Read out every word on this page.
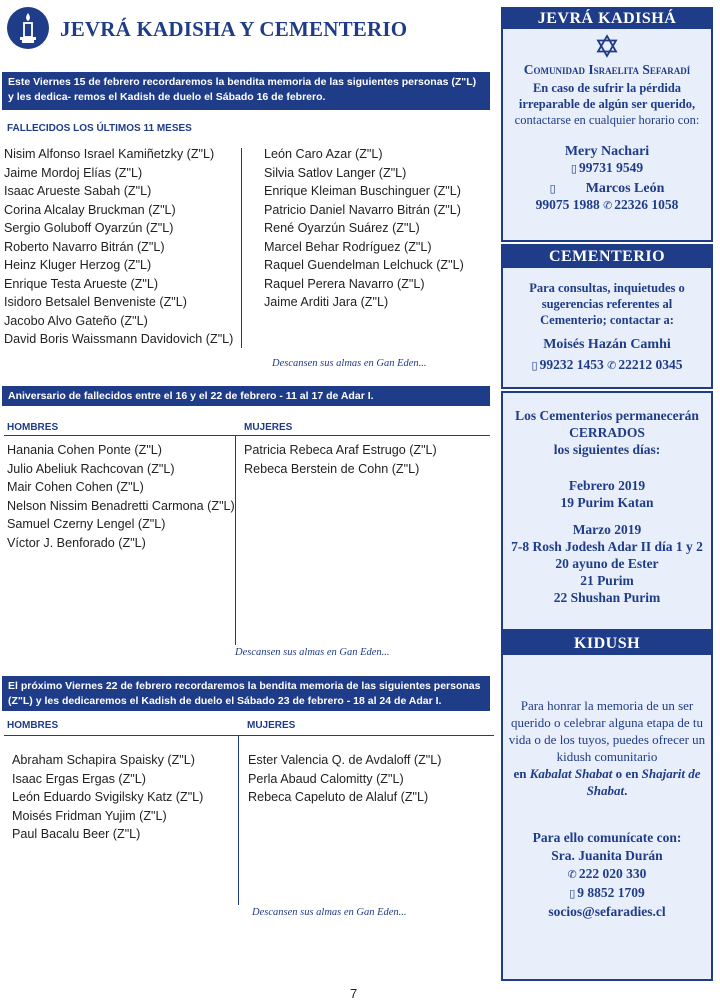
JEVRÁ KADISHA Y CEMENTERIO
Este Viernes 15 de febrero recordaremos la bendita memoria de las siguientes personas (Z"L) y les dedica- remos el Kadish de duelo el Sábado 16 de febrero.
FALLECIDOS LOS ÚLTIMOS 11 MESES
Nisim Alfonso Israel Kamiñetzky (Z"L)
Jaime Mordoj Elías (Z"L)
Isaac Arueste Sabah (Z"L)
Corina Alcalay Bruckman (Z"L)
Sergio Goluboff Oyarzún (Z"L)
Roberto Navarro Bitrán (Z"L)
Heinz Kluger Herzog (Z"L)
Enrique Testa Arueste (Z"L)
Isidoro Betsalel Benveniste (Z"L)
Jacobo Alvo Gateño (Z"L)
David Boris Waissmann Davidovich (Z"L)
León Caro Azar (Z"L)
Silvia Satlov Langer (Z"L)
Enrique Kleiman Buschinguer (Z"L)
Patricio Daniel Navarro Bitrán (Z"L)
René Oyarzún Suárez (Z"L)
Marcel Behar Rodríguez (Z"L)
Raquel Guendelman Lelchuck (Z"L)
Raquel Perera Navarro (Z"L)
Jaime Arditi Jara (Z"L)
Descansen sus almas en Gan Eden...
Aniversario de fallecidos entre el 16 y el 22 de febrero - 11 al 17 de Adar I.
HOMBRES	MUJERES
Hanania Cohen Ponte (Z"L)
Julio Abeliuk Rachcovan (Z"L)
Mair Cohen Cohen (Z"L)
Nelson Nissim Benadretti Carmona (Z"L)
Samuel Czerny Lengel (Z"L)
Víctor J. Benforado (Z"L)
Patricia Rebeca Araf Estrugo (Z"L)
Rebeca Berstein de Cohn (Z"L)
Descansen sus almas en Gan Eden...
El próximo Viernes 22 de febrero recordaremos la bendita memoria de las siguientes personas (Z"L) y les dedicaremos el Kadish de duelo el Sábado 23 de febrero - 18 al 24 de Adar I.
HOMBRES	MUJERES
Abraham Schapira Spaisky (Z"L)
Isaac Ergas Ergas (Z"L)
León Eduardo Svigilsky Katz (Z"L)
Moisés Fridman Yujim (Z"L)
Paul Bacalu Beer (Z"L)
Ester Valencia Q. de Avdaloff (Z"L)
Perla Abaud Calomitty (Z"L)
Rebeca Capeluto de Alaluf (Z"L)
Descansen sus almas en Gan Eden...
7
JEVRÁ KADISHÁ
Comunidad Israelita Sefaradí
En caso de sufrir la pérdida irreparable de algún ser querido, contactarse en cualquier horario con:
Mery Nachari
▯ 99731 9549
▯ Marcos León
99075 1988 ✆ 22326 1058
CEMENTERIO
Para consultas, inquietudes o sugerencias referentes al Cementerio; contactar a:
Moisés Hazán Camhi
▯ 99232 1453 ✆ 22212 0345
Los Cementerios permanecerán
CERRADOS
los siguientes días:
Febrero 2019
19 Purim Katan
Marzo 2019
7-8 Rosh Jodesh Adar II día 1 y 2
20 ayuno de Ester
21 Purim
22 Shushan Purim
KIDUSH
Para honrar la memoria de un ser querido o celebrar alguna etapa de tu vida o de los tuyos, puedes ofrecer un kidush comunitario
en Kabalat Shabat o en Shajarit de Shabat.
Para ello comunícate con:
Sra. Juanita Durán
✆ 222 020 330
▯ 9 8852 1709
socios@sefaradies.cl
